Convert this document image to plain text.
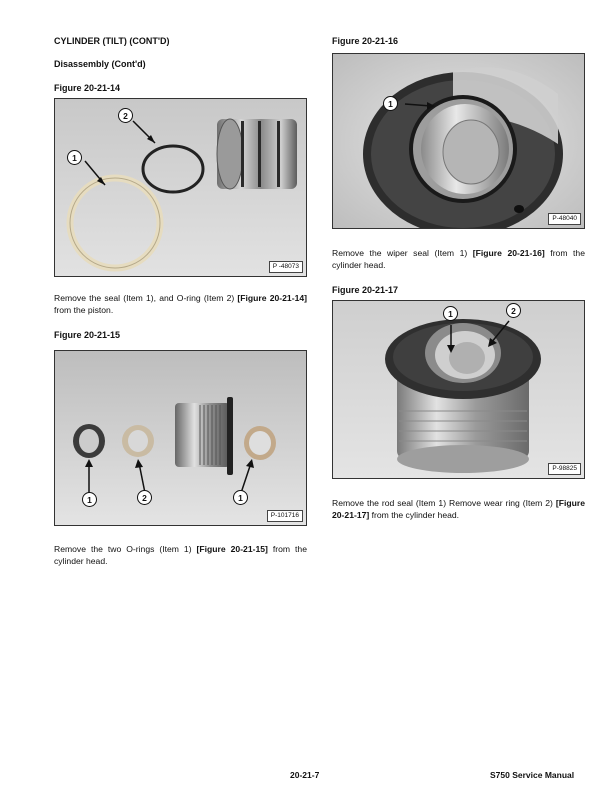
CYLINDER (TILT) (CONT'D)
Disassembly (Cont'd)
Figure 20-21-14
1
2
P -48073
Remove the seal (Item 1), and O-ring (Item 2) [Figure 20-21-14] from the piston.
Figure 20-21-15
1	2	1
P-101716
Remove the two O-rings (Item 1) [Figure 20-21-15] from the cylinder head.
Figure 20-21-16
1
P-48040
Remove the wiper seal (Item 1) [Figure 20-21-16] from the cylinder head.
Figure 20-21-17
1	2
P-98825
Remove the rod seal (Item 1) Remove wear ring (Item 2) [Figure 20-21-17] from the cylinder head.
20-21-7	S750 Service Manual
